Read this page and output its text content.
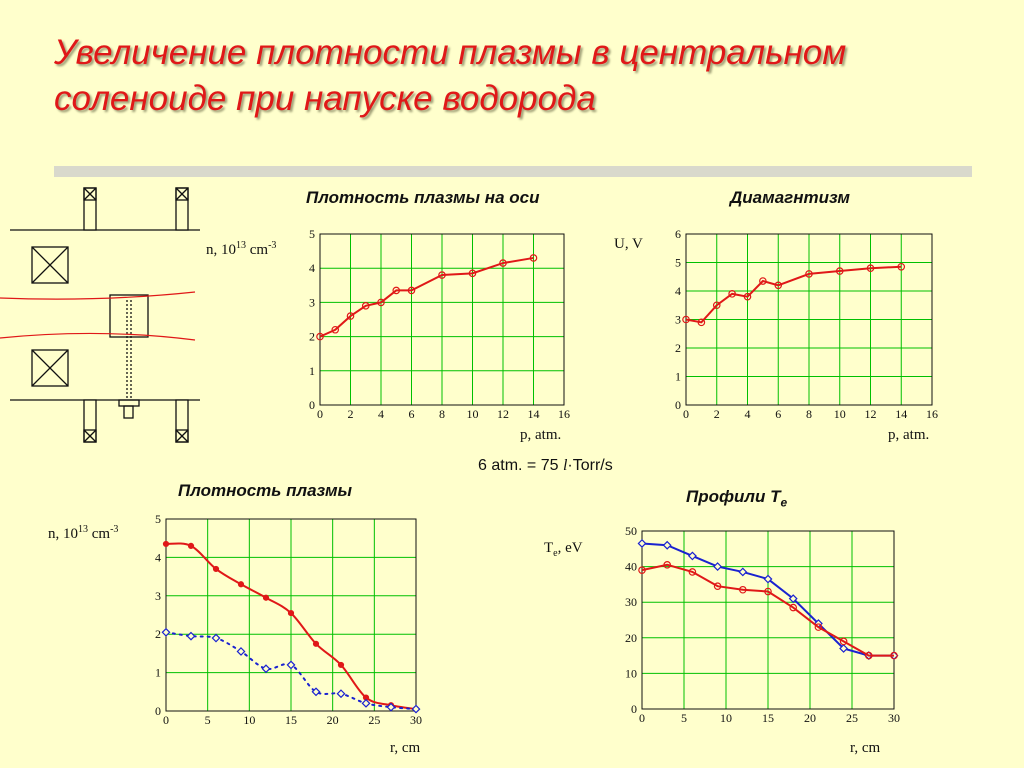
Увеличение плотности плазмы в центральном соленоиде при напуске водорода
Плотность плазмы на оси
n, $10^{13}$ $cm^{-3}$
p, atm.
0 2 4 6 8 10 12 14 16
0
1
2
3
4
5
Диамагнтизм
U, V
p, atm.
0 2 4 6 8 10 12 14 16
0
1
2
3
4
5
6
6 atm. = 75 l·Torr/s
Плотность плазмы
n, $10^{13}$ $cm^{-3}$
r, cm
0	5	10 15 20 25 30
0
1
2
3
4
5
Профили $T_e$
$T_e$, eV
r, cm
0	5	10	15	20	25	30
0
10
20
30
40
50
